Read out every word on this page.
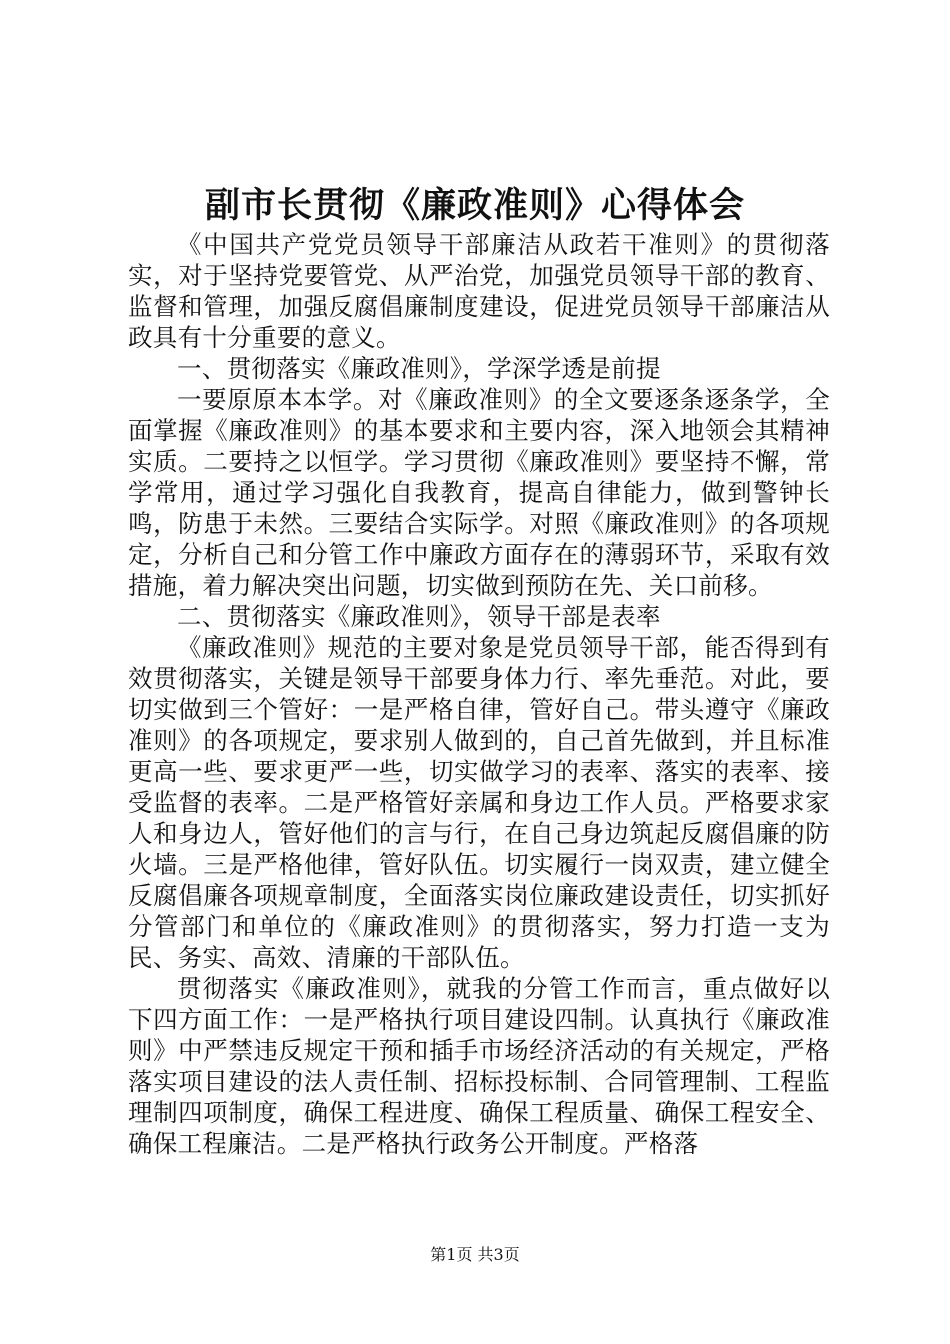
副市长贯彻《廉政准则》心得体会

《中国共产党党员领导干部廉洁从政若干准则》的贯彻落实，对于坚持党要管党、从严治党，加强党员领导干部的教育、监督和管理，加强反腐倡廉制度建设，促进党员领导干部廉洁从政具有十分重要的意义。

一、贯彻落实《廉政准则》，学深学透是前提

一要原原本本学。对《廉政准则》的全文要逐条逐条学，全面掌握《廉政准则》的基本要求和主要内容，深入地领会其精神实质。二要持之以恒学。学习贯彻《廉政准则》要坚持不懈，常学常用，通过学习强化自我教育，提高自律能力，做到警钟长鸣，防患于未然。三要结合实际学。对照《廉政准则》的各项规定，分析自己和分管工作中廉政方面存在的薄弱环节，采取有效措施，着力解决突出问题，切实做到预防在先、关口前移。

二、贯彻落实《廉政准则》，领导干部是表率

《廉政准则》规范的主要对象是党员领导干部，能否得到有效贯彻落实，关键是领导干部要身体力行、率先垂范。对此，要切实做到三个管好：一是严格自律，管好自己。带头遵守《廉政准则》的各项规定，要求别人做到的，自己首先做到，并且标准更高一些、要求更严一些，切实做学习的表率、落实的表率、接受监督的表率。二是严格管好亲属和身边工作人员。严格要求家人和身边人，管好他们的言与行，在自己身边筑起反腐倡廉的防火墙。三是严格他律，管好队伍。切实履行一岗双责，建立健全反腐倡廉各项规章制度，全面落实岗位廉政建设责任，切实抓好分管部门和单位的《廉政准则》的贯彻落实，努力打造一支为民、务实、高效、清廉的干部队伍。

贯彻落实《廉政准则》，就我的分管工作而言，重点做好以下四方面工作：一是严格执行项目建设四制。认真执行《廉政准则》中严禁违反规定干预和插手市场经济活动的有关规定，严格落实项目建设的法人责任制、招标投标制、合同管理制、工程监理制四项制度，确保工程进度、确保工程质量、确保工程安全、确保工程廉洁。二是严格执行政务公开制度。严格落

第1页 共3页
